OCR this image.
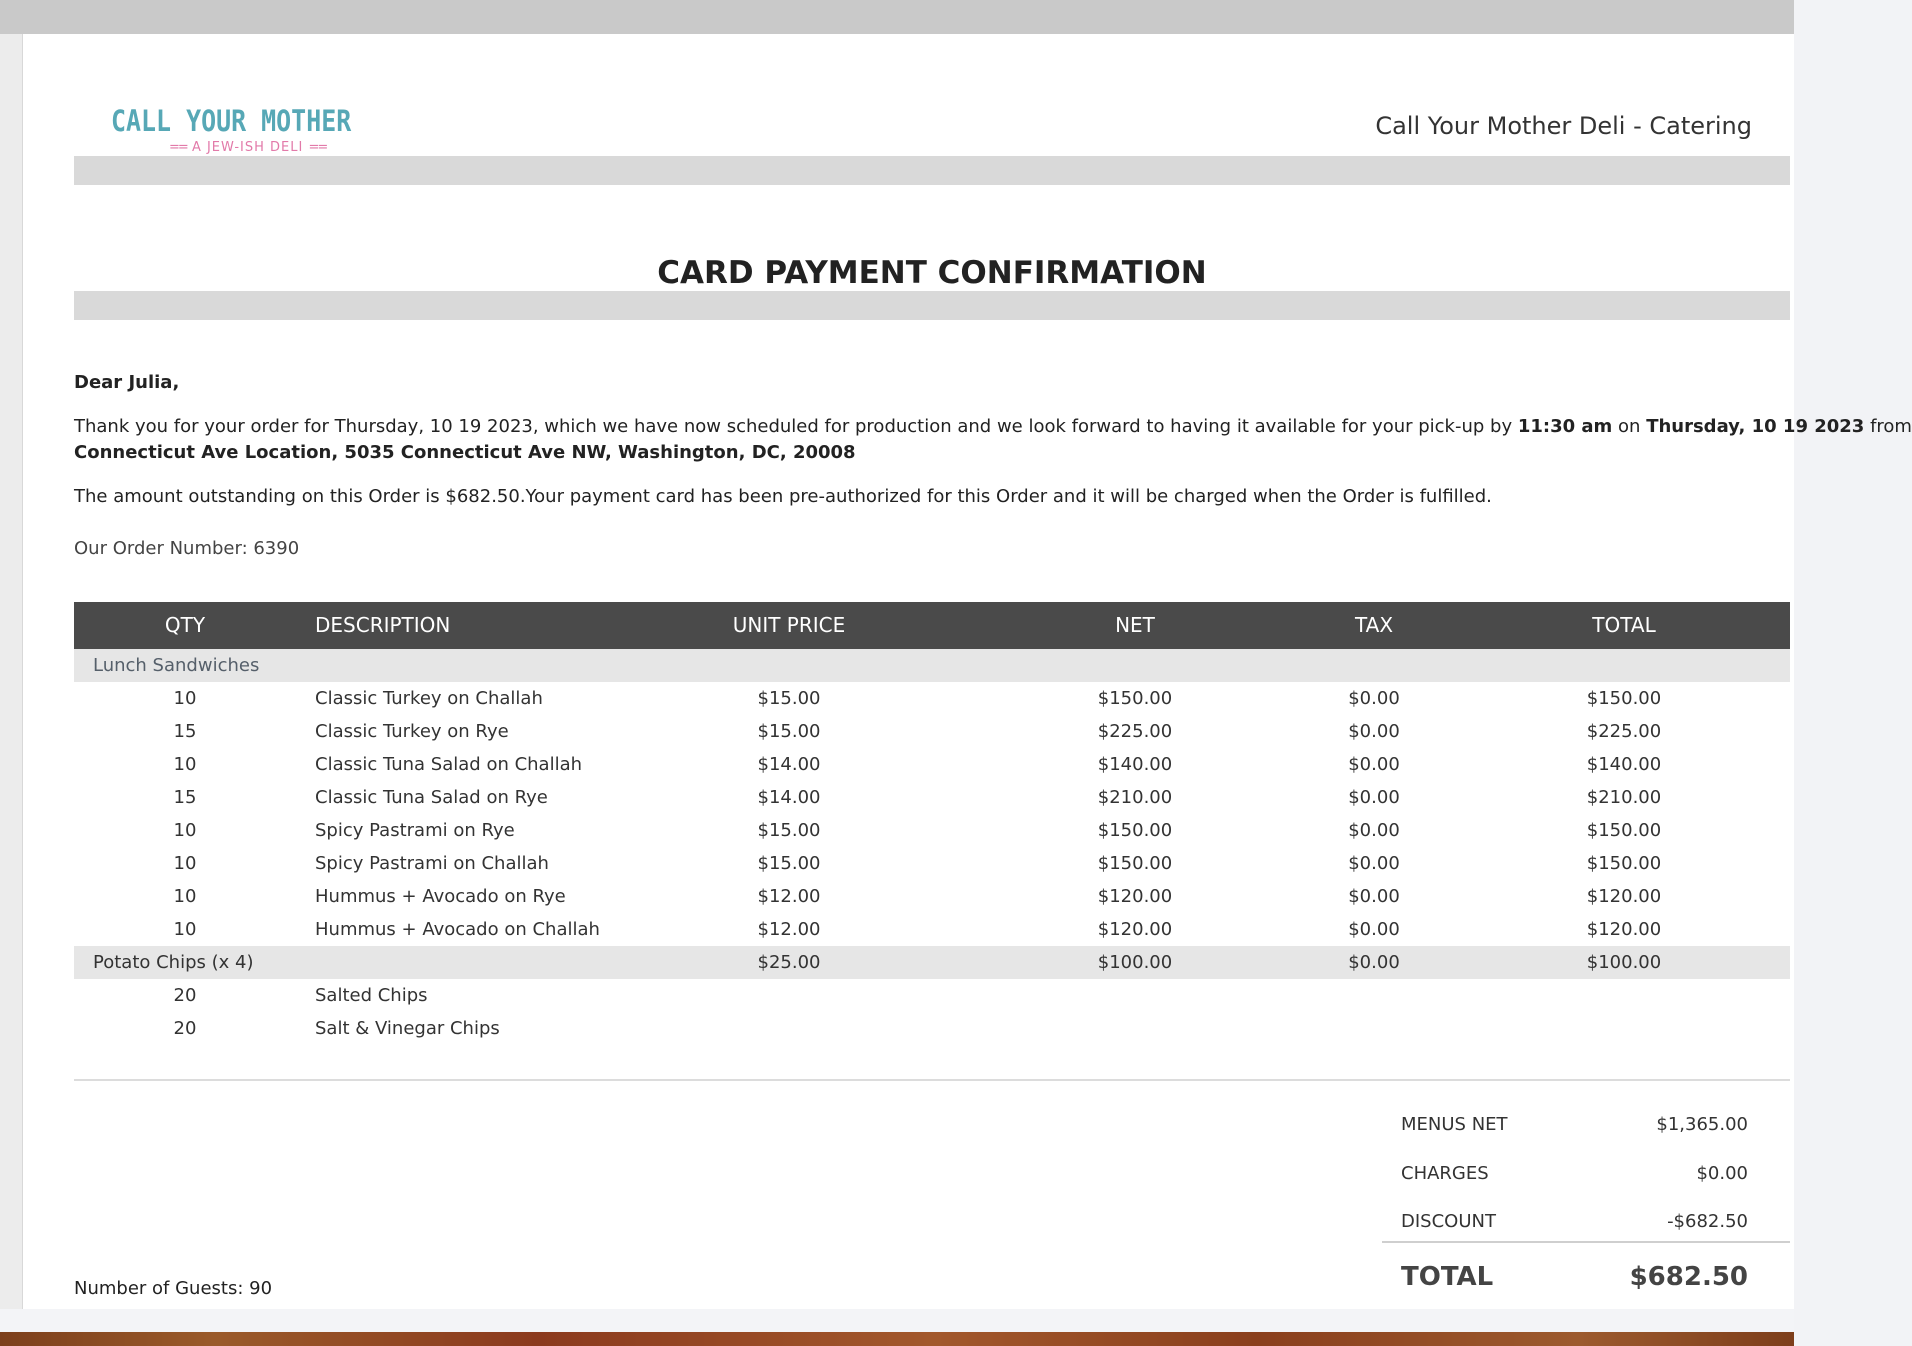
CALL YOUR MOTHER
== A JEW-ISH DELI ==
Call Your Mother Deli - Catering
CARD PAYMENT CONFIRMATION
Dear Julia,
Thank you for your order for Thursday, 10 19 2023, which we have now scheduled for production and we look forward to having it available for your pick-up by 11:30 am on Thursday, 10 19 2023 from
Connecticut Ave Location, 5035 Connecticut Ave NW, Washington, DC, 20008
The amount outstanding on this Order is $682.50.Your payment card has been pre-authorized for this Order and it will be charged when the Order is fulfilled.
Our Order Number: 6390
QTY	DESCRIPTION	UNIT PRICE	NET	TAX	TOTAL
Lunch Sandwiches
10	Classic Turkey on Challah	$15.00	$150.00	$0.00	$150.00
15	Classic Turkey on Rye	$15.00	$225.00	$0.00	$225.00
10	Classic Tuna Salad on Challah	$14.00	$140.00	$0.00	$140.00
15	Classic Tuna Salad on Rye	$14.00	$210.00	$0.00	$210.00
10	Spicy Pastrami on Rye	$15.00	$150.00	$0.00	$150.00
10	Spicy Pastrami on Challah	$15.00	$150.00	$0.00	$150.00
10	Hummus + Avocado on Rye	$12.00	$120.00	$0.00	$120.00
10	Hummus + Avocado on Challah	$12.00	$120.00	$0.00	$120.00
Potato Chips (x 4)	$25.00	$100.00	$0.00	$100.00
20	Salted Chips
20	Salt & Vinegar Chips
MENUS NET	$1,365.00
CHARGES	$0.00
DISCOUNT	-$682.50
TOTAL	$682.50
Number of Guests: 90
